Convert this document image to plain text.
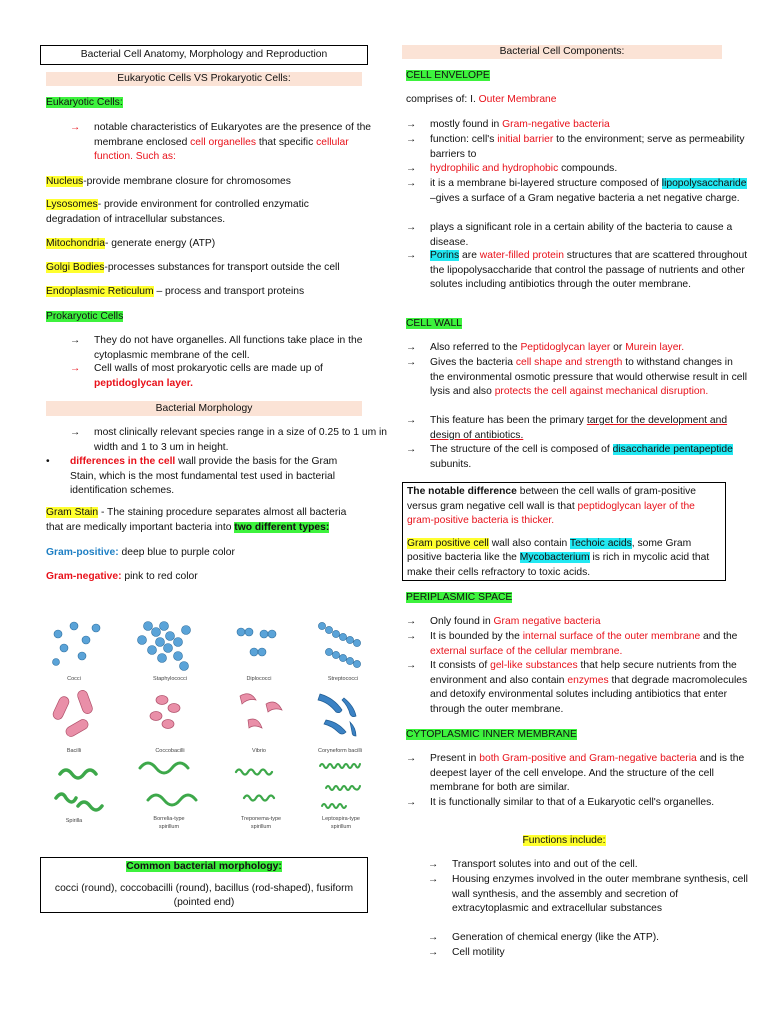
Bacterial Cell Anatomy, Morphology and Reproduction
Eukaryotic Cells VS Prokaryotic Cells:
Eukaryotic Cells:
→ notable characteristics of Eukaryotes are the presence of the membrane enclosed cell organelles that specific cellular function. Such as:
Nucleus-provide membrane closure for chromosomes
Lysosomes- provide environment for controlled enzymatic degradation of intracellular substances.
Mitochondria- generate energy (ATP)
Golgi Bodies-processes substances for transport outside the cell
Endoplasmic Reticulum – process and transport proteins
Prokaryotic Cells
→ They do not have organelles. All functions take place in the cytoplasmic membrane of the cell.
→ Cell walls of most prokaryotic cells are made up of peptidoglycan layer.
Bacterial Morphology
→ most clinically relevant species range in a size of 0.25 to 1 um in width and 1 to 3 um in height.
•	differences in the cell wall provide the basis for the Gram Stain, which is the most fundamental test used in bacterial identification schemes.
Gram Stain - The staining procedure separates almost all bacteria that are medically important bacteria into two different types:
Gram-positive: deep blue to purple color
Gram-negative: pink to red color
Cocci	Staphylococci	Diplococci	Streptococci
Bacilli	Coccobacilli	Vibrio	Coryneform bacilli
Spirilla	Borrelia-type spirillum
Treponema-type spirillum
Leptospira-type spirillum
Common bacterial morphology:
cocci (round), coccobacilli (round), bacillus (rod-shaped), fusiform (pointed end)
Bacterial Cell Components:
CELL ENVELOPE
comprises of: I. Outer Membrane
→ mostly found in Gram-negative bacteria
→ function: cell's initial barrier to the environment; serve as permeability barriers to
→ hydrophilic and hydrophobic compounds.
→ it is a membrane bi-layered structure composed of lipopolysaccharide –gives a surface of a Gram negative bacteria a net negative charge.
→ plays a significant role in a certain ability of the bacteria to cause a disease.
→ Porins are water-filled protein structures that are scattered throughout the lipopolysaccharide that control the passage of nutrients and other solutes including antibiotics through the outer membrane.
CELL WALL
→ Also referred to the Peptidoglycan layer or Murein layer.
→ Gives the bacteria cell shape and strength to withstand changes in the environmental osmotic pressure that would otherwise result in cell lysis and also protects the cell against mechanical disruption.
→ This feature has been the primary target for the development and design of antibiotics.
→ The structure of the cell is composed of disaccharide pentapeptide subunits.
The notable difference between the cell walls of gram-positive versus gram negative cell wall is that peptidoglycan layer of the gram-positive bacteria is thicker.
Gram positive cell wall also contain Techoic acids, some Gram positive bacteria like the Mycobacterium is rich in mycolic acid that make their cells refractory to toxic acids.
PERIPLASMIC SPACE
→ Only found in Gram negative bacteria
→ It is bounded by the internal surface of the outer membrane and the external surface of the cellular membrane.
→ It consists of gel-like substances that help secure nutrients from the environment and also contain enzymes that degrade macromolecules and detoxify environmental solutes including antibiotics that enter through the outer membrane.
CYTOPLASMIC INNER MEMBRANE
→ Present in both Gram-positive and Gram-negative bacteria and is the deepest layer of the cell envelope. And the structure of the cell membrane for both are similar.
→ It is functionally similar to that of a Eukaryotic cell's organelles.
Functions include:
→ Transport solutes into and out of the cell.
→ Housing enzymes involved in the outer membrane synthesis, cell wall synthesis, and the assembly and secretion of extracytoplasmic and extracellular substances
→ Generation of chemical energy (like the ATP).
→ Cell motility
